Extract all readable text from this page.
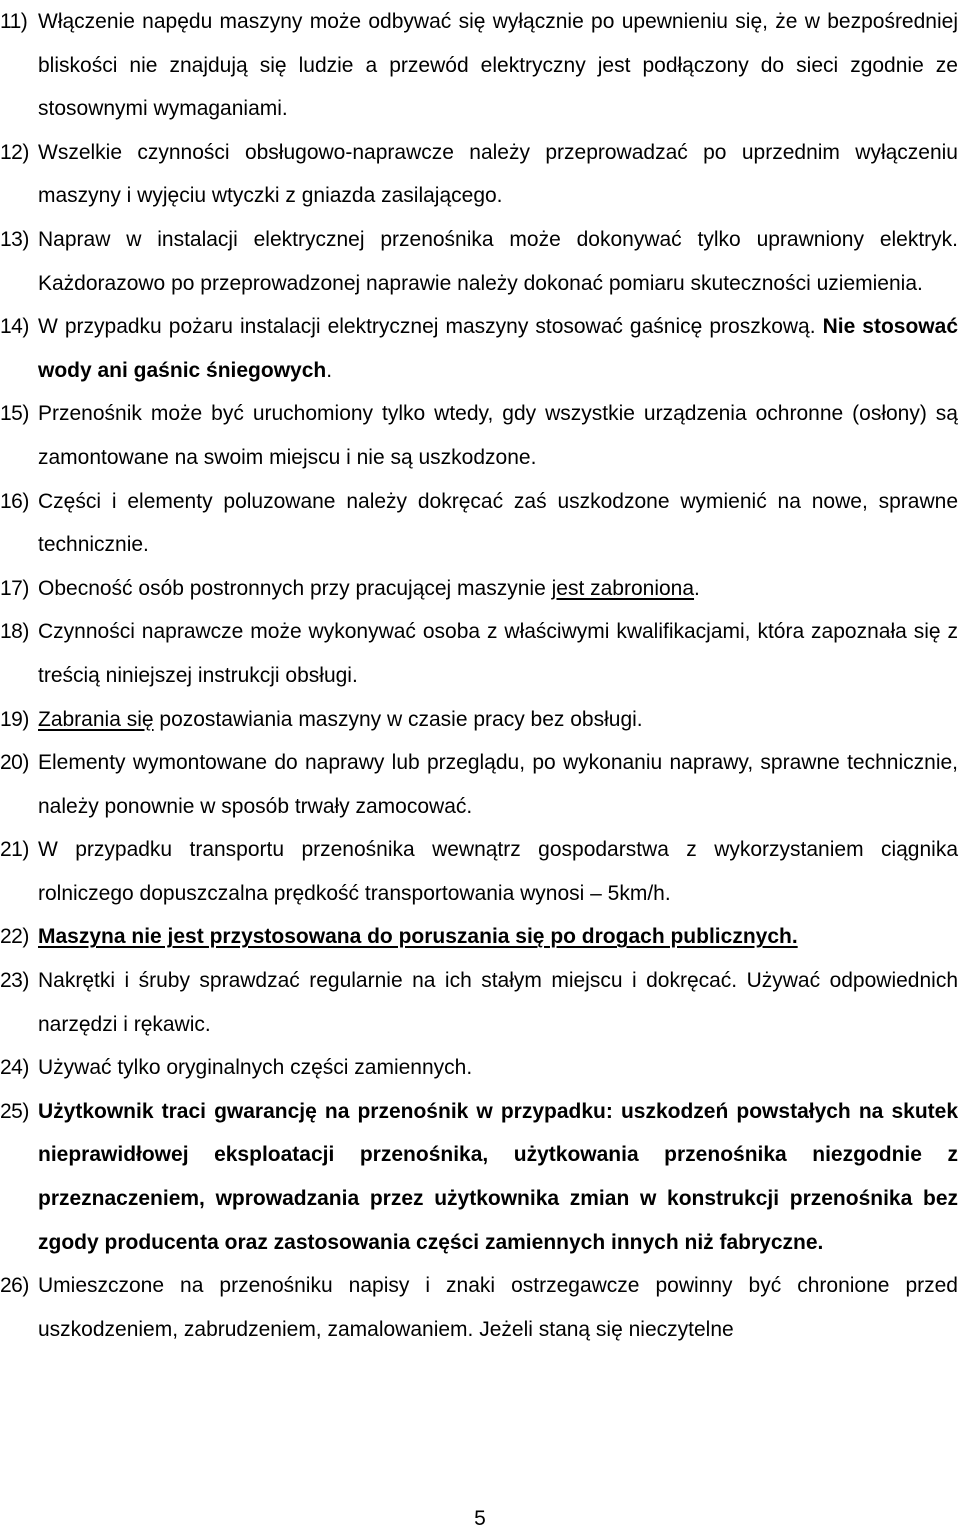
11) Włączenie napędu maszyny może odbywać się wyłącznie po upewnieniu się, że w bezpośredniej bliskości nie znajdują się ludzie a przewód elektryczny jest podłączony do sieci zgodnie ze stosownymi wymaganiami.
12) Wszelkie czynności obsługowo-naprawcze należy przeprowadzać po uprzednim wyłączeniu maszyny i wyjęciu wtyczki z gniazda zasilającego.
13) Napraw w instalacji elektrycznej przenośnika może dokonywać tylko uprawniony elektryk. Każdorazowo po przeprowadzonej naprawie należy dokonać pomiaru skuteczności uziemienia.
14) W przypadku pożaru instalacji elektrycznej maszyny stosować gaśnicę proszkową. Nie stosować wody ani gaśnic śniegowych.
15) Przenośnik może być uruchomiony tylko wtedy, gdy wszystkie urządzenia ochronne (osłony) są zamontowane na swoim miejscu i nie są uszkodzone.
16) Części i elementy poluzowane należy dokręcać zaś uszkodzone wymienić na nowe, sprawne technicznie.
17) Obecność osób postronnych przy pracującej maszynie jest zabroniona.
18) Czynności naprawcze może wykonywać osoba z właściwymi kwalifikacjami, która zapoznała się z treścią niniejszej instrukcji obsługi.
19) Zabrania się pozostawiania maszyny w czasie pracy bez obsługi.
20) Elementy wymontowane do naprawy lub przeglądu, po wykonaniu naprawy, sprawne technicznie, należy ponownie w sposób trwały zamocować.
21) W przypadku transportu przenośnika wewnątrz gospodarstwa z wykorzystaniem ciągnika rolniczego dopuszczalna prędkość transportowania wynosi – 5km/h.
22) Maszyna nie jest przystosowana do poruszania się po drogach publicznych.
23) Nakrętki i śruby sprawdzać regularnie na ich stałym miejscu i dokręcać. Używać odpowiednich narzędzi i rękawic.
24) Używać tylko oryginalnych części zamiennych.
25) Użytkownik traci gwarancję na przenośnik w przypadku: uszkodzeń powstałych na skutek nieprawidłowej eksploatacji przenośnika, użytkowania przenośnika niezgodnie z przeznaczeniem, wprowadzania przez użytkownika zmian w konstrukcji przenośnika bez zgody producenta oraz zastosowania części zamiennych innych niż fabryczne.
26) Umieszczone na przenośniku napisy i znaki ostrzegawcze powinny być chronione przed uszkodzeniem, zabrudzeniem, zamalowaniem. Jeżeli staną się nieczytelne
5
